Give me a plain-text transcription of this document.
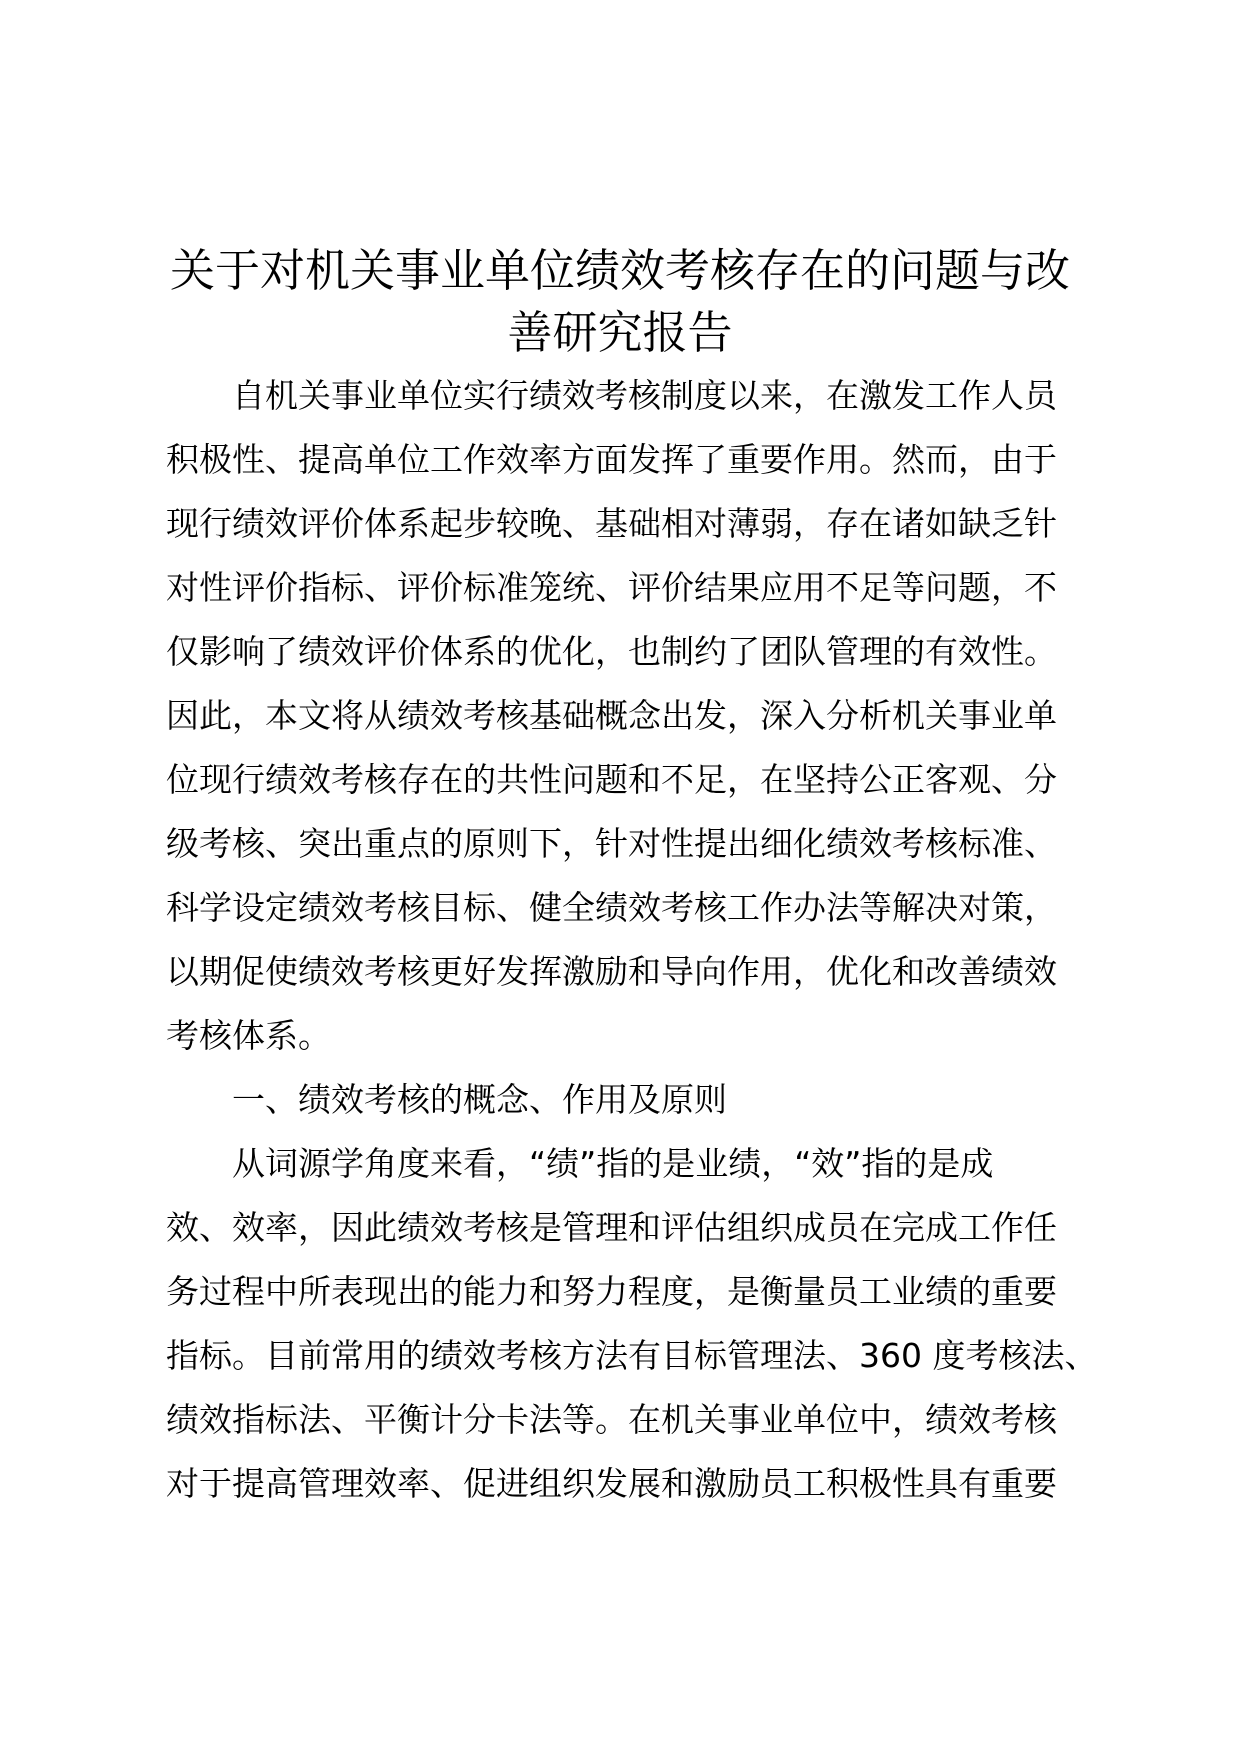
关于对机关事业单位绩效考核存在的问题与改
善研究报告
　　自机关事业单位实行绩效考核制度以来，在激发工作人员
积极性、提高单位工作效率方面发挥了重要作用。然而，由于
现行绩效评价体系起步较晚、基础相对薄弱，存在诸如缺乏针
对性评价指标、评价标准笼统、评价结果应用不足等问题，不
仅影响了绩效评价体系的优化，也制约了团队管理的有效性。
因此，本文将从绩效考核基础概念出发，深入分析机关事业单
位现行绩效考核存在的共性问题和不足，在坚持公正客观、分
级考核、突出重点的原则下，针对性提出细化绩效考核标准、
科学设定绩效考核目标、健全绩效考核工作办法等解决对策，
以期促使绩效考核更好发挥激励和导向作用，优化和改善绩效
考核体系。
　　一、绩效考核的概念、作用及原则
　　从词源学角度来看，“绩”指的是业绩，“效”指的是成
效、效率，因此绩效考核是管理和评估组织成员在完成工作任
务过程中所表现出的能力和努力程度，是衡量员工业绩的重要
指标。目前常用的绩效考核方法有目标管理法、360 度考核法、
绩效指标法、平衡计分卡法等。在机关事业单位中，绩效考核
对于提高管理效率、促进组织发展和激励员工积极性具有重要
